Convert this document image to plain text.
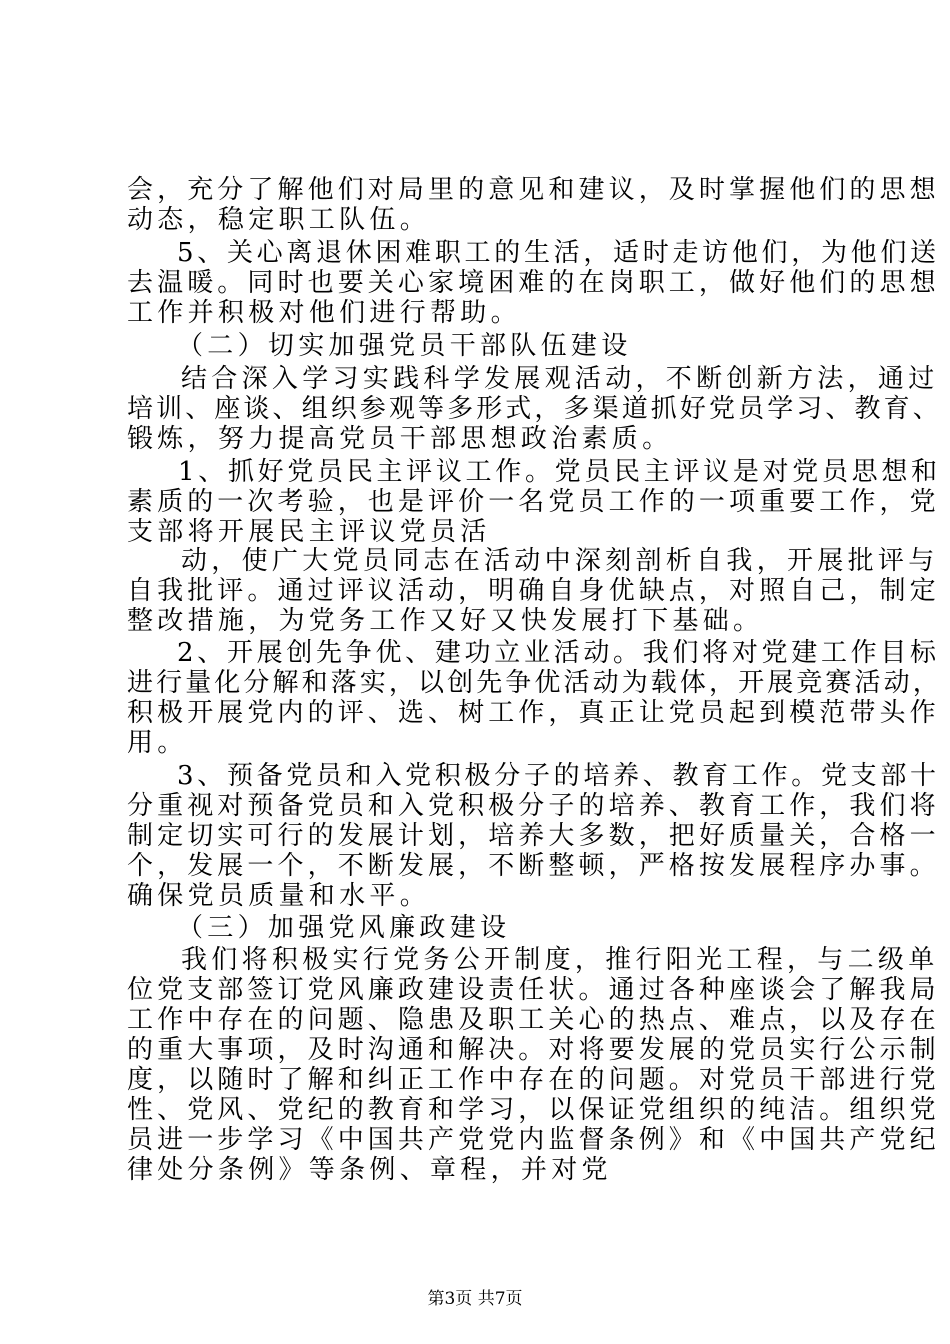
会，充分了解他们对局里的意见和建议，及时掌握他们的思想
动态，稳定职工队伍。
5、关心离退休困难职工的生活，适时走访他们，为他们送
去温暖。同时也要关心家境困难的在岗职工，做好他们的思想
工作并积极对他们进行帮助。
（二）切实加强党员干部队伍建设
结合深入学习实践科学发展观活动，不断创新方法，通过
培训、座谈、组织参观等多形式，多渠道抓好党员学习、教育、
锻炼，努力提高党员干部思想政治素质。
1、抓好党员民主评议工作。党员民主评议是对党员思想和
素质的一次考验，也是评价一名党员工作的一项重要工作，党
支部将开展民主评议党员活
动，使广大党员同志在活动中深刻剖析自我，开展批评与
自我批评。通过评议活动，明确自身优缺点，对照自己，制定
整改措施，为党务工作又好又快发展打下基础。
2、开展创先争优、建功立业活动。我们将对党建工作目标
进行量化分解和落实，以创先争优活动为载体，开展竞赛活动，
积极开展党内的评、选、树工作，真正让党员起到模范带头作
用。
3、预备党员和入党积极分子的培养、教育工作。党支部十
分重视对预备党员和入党积极分子的培养、教育工作，我们将
制定切实可行的发展计划，培养大多数，把好质量关，合格一
个，发展一个，不断发展，不断整顿，严格按发展程序办事。
确保党员质量和水平。
（三）加强党风廉政建设
我们将积极实行党务公开制度，推行阳光工程，与二级单
位党支部签订党风廉政建设责任状。通过各种座谈会了解我局
工作中存在的问题、隐患及职工关心的热点、难点，以及存在
的重大事项，及时沟通和解决。对将要发展的党员实行公示制
度，以随时了解和纠正工作中存在的问题。对党员干部进行党
性、党风、党纪的教育和学习，以保证党组织的纯洁。组织党
员进一步学习《中国共产党党内监督条例》和《中国共产党纪
律处分条例》等条例、章程，并对党
第3页 共7页
